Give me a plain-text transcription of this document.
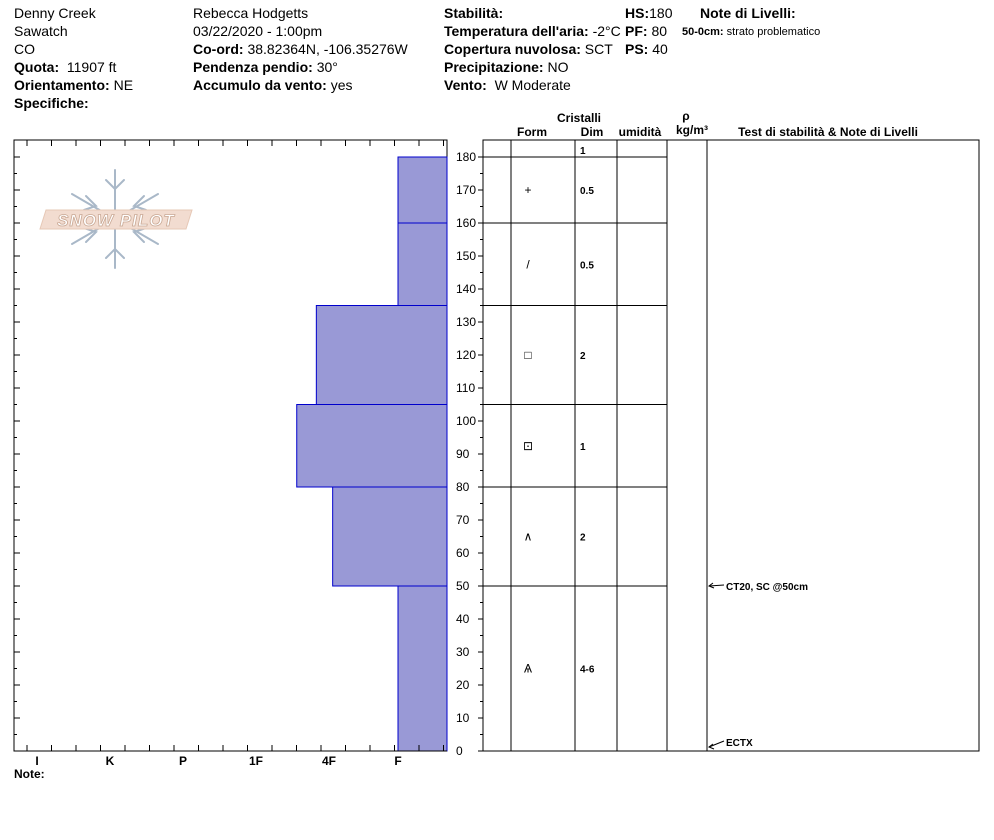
Denny Creek
Sawatch
CO
Quota: 11907 ft
Orientamento: NE
Specifiche:
Rebecca Hodgetts
03/22/2020 - 1:00pm
Co-ord: 38.82364N, -106.35276W
Pendenza pendio: 30°
Accumulo da vento: yes
Stabilità:
Temperatura dell'aria: -2°C
Copertura nuvolosa: SCT
Precipitazione: NO
Vento: W Moderate
HS:180
PF: 80
PS: 40
Note di Livelli:
50-0cm: strato problematico
SNOW PILOT
0
10
20
30
40
50
60
70
80
90
100
110
120
130
140
150
160
170
180
I	K	P	1F	4F	F
1
+	0.5
/	0.5
□	2
⊡	1
∧	2
Ѧ	4-6
CT20, SC @50cm
ECTX
Cristalli
Form	Dim umidità
ρ
kg/m³	Test di stabilità & Note di Livelli
Note:
